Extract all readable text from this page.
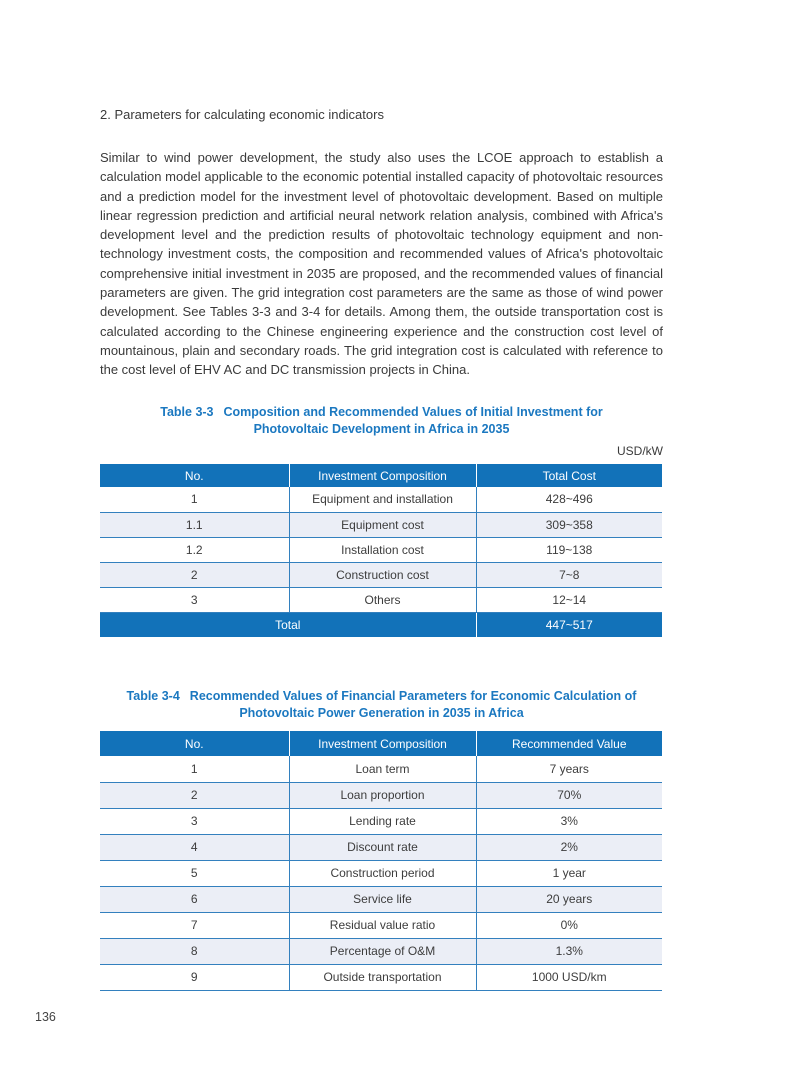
2. Parameters for calculating economic indicators
Similar to wind power development, the study also uses the LCOE approach to establish a calculation model applicable to the economic potential installed capacity of photovoltaic resources and a prediction model for the investment level of photovoltaic development. Based on multiple linear regression prediction and artificial neural network relation analysis, combined with Africa's development level and the prediction results of photovoltaic technology equipment and non-technology investment costs, the composition and recommended values of Africa's photovoltaic comprehensive initial investment in 2035 are proposed, and the recommended values of financial parameters are given. The grid integration cost parameters are the same as those of wind power development. See Tables 3-3 and 3-4 for details. Among them, the outside transportation cost is calculated according to the Chinese engineering experience and the construction cost level of mountainous, plain and secondary roads. The grid integration cost is calculated with reference to the cost level of EHV AC and DC transmission projects in China.
Table 3-3 Composition and Recommended Values of Initial Investment for
Photovoltaic Development in Africa in 2035
USD/kW
No.	Investment Composition	Total Cost
1	Equipment and installation	428~496
1.1	Equipment cost	309~358
1.2	Installation cost	119~138
2	Construction cost	7~8
3	Others	12~14
Total		447~517
Table 3-4 Recommended Values of Financial Parameters for Economic Calculation of
Photovoltaic Power Generation in 2035 in Africa
No.	Investment Composition	Recommended Value
1	Loan term	7 years
2	Loan proportion	70%
3	Lending rate	3%
4	Discount rate	2%
5	Construction period	1 year
6	Service life	20 years
7	Residual value ratio	0%
8	Percentage of O&M	1.3%
9	Outside transportation	1000 USD/km
136
